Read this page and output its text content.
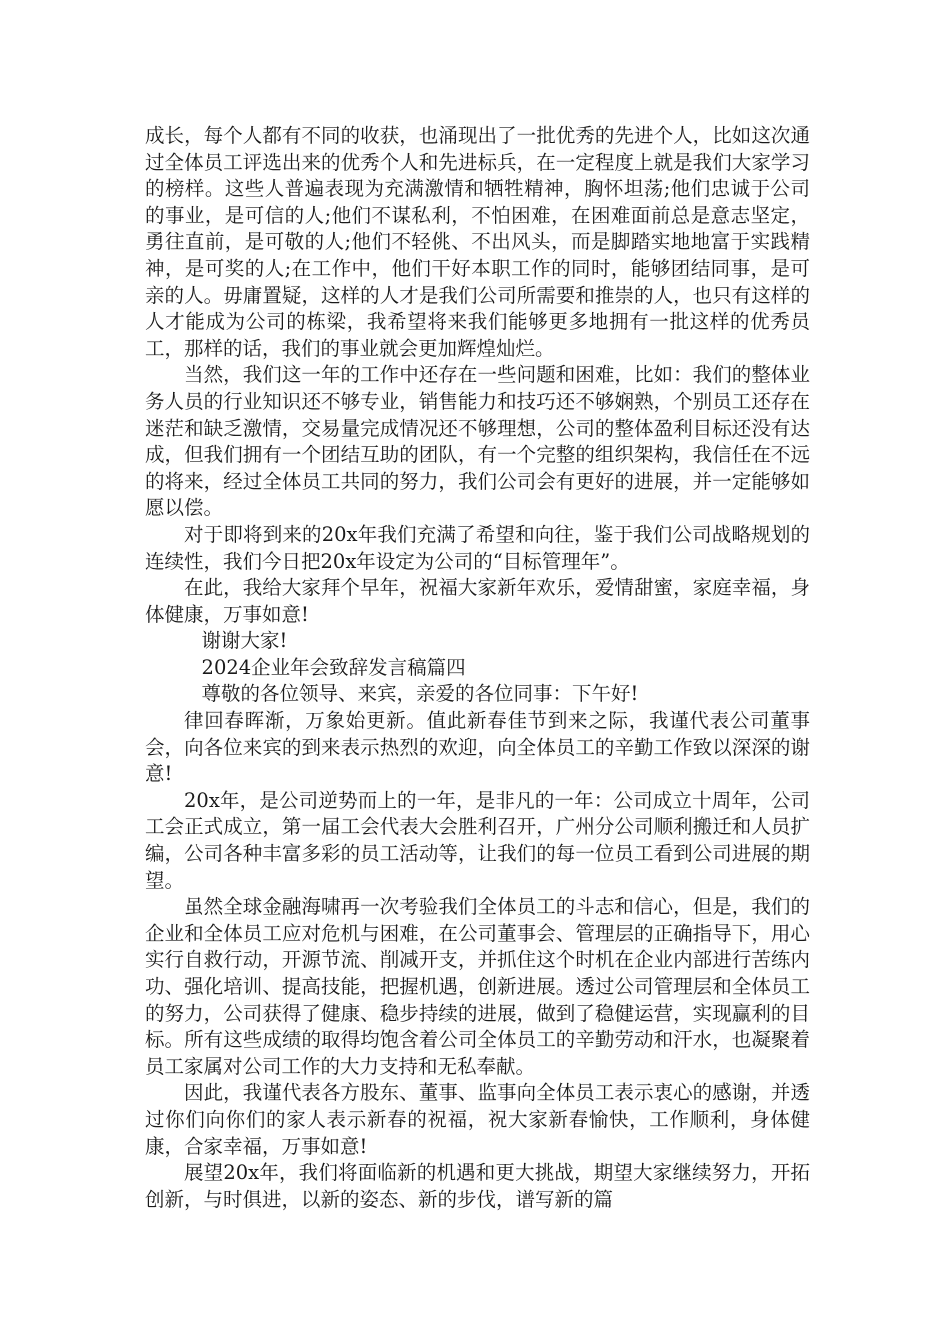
成长，每个人都有不同的收获，也涌现出了一批优秀的先进个人，比如这次通过全体员工评选出来的优秀个人和先进标兵，在一定程度上就是我们大家学习的榜样。这些人普遍表现为充满激情和牺牲精神，胸怀坦荡;他们忠诚于公司的事业，是可信的人;他们不谋私利，不怕困难，在困难面前总是意志坚定，勇往直前，是可敬的人;他们不轻佻、不出风头，而是脚踏实地地富于实践精神，是可奖的人;在工作中，他们干好本职工作的同时，能够团结同事，是可亲的人。毋庸置疑，这样的人才是我们公司所需要和推崇的人，也只有这样的人才能成为公司的栋梁，我希望将来我们能够更多地拥有一批这样的优秀员工，那样的话，我们的事业就会更加辉煌灿烂。

当然，我们这一年的工作中还存在一些问题和困难，比如：我们的整体业务人员的行业知识还不够专业，销售能力和技巧还不够娴熟，个别员工还存在迷茫和缺乏激情，交易量完成情况还不够理想，公司的整体盈利目标还没有达成，但我们拥有一个团结互助的团队，有一个完整的组织架构，我信任在不远的将来，经过全体员工共同的努力，我们公司会有更好的进展，并一定能够如愿以偿。

对于即将到来的20x年我们充满了希望和向往，鉴于我们公司战略规划的连续性，我们今日把20x年设定为公司的“目标管理年”。

在此，我给大家拜个早年，祝福大家新年欢乐，爱情甜蜜，家庭幸福，身体健康，万事如意!

谢谢大家!

2024企业年会致辞发言稿篇四

尊敬的各位领导、来宾，亲爱的各位同事：下午好!

律回春晖渐，万象始更新。值此新春佳节到来之际，我谨代表公司董事会，向各位来宾的到来表示热烈的欢迎，向全体员工的辛勤工作致以深深的谢意!

20x年，是公司逆势而上的一年，是非凡的一年：公司成立十周年，公司工会正式成立，第一届工会代表大会胜利召开，广州分公司顺利搬迁和人员扩编，公司各种丰富多彩的员工活动等，让我们的每一位员工看到公司进展的期望。

虽然全球金融海啸再一次考验我们全体员工的斗志和信心，但是，我们的企业和全体员工应对危机与困难，在公司董事会、管理层的正确指导下，用心实行自救行动，开源节流、削减开支，并抓住这个时机在企业内部进行苦练内功、强化培训、提高技能，把握机遇，创新进展。透过公司管理层和全体员工的努力，公司获得了健康、稳步持续的进展，做到了稳健运营，实现赢利的目标。所有这些成绩的取得均饱含着公司全体员工的辛勤劳动和汗水，也凝聚着员工家属对公司工作的大力支持和无私奉献。

因此，我谨代表各方股东、董事、监事向全体员工表示衷心的感谢，并透过你们向你们的家人表示新春的祝福，祝大家新春愉快，工作顺利，身体健康，合家幸福，万事如意!

展望20x年，我们将面临新的机遇和更大挑战，期望大家继续努力，开拓创新，与时俱进，以新的姿态、新的步伐，谱写新的篇
